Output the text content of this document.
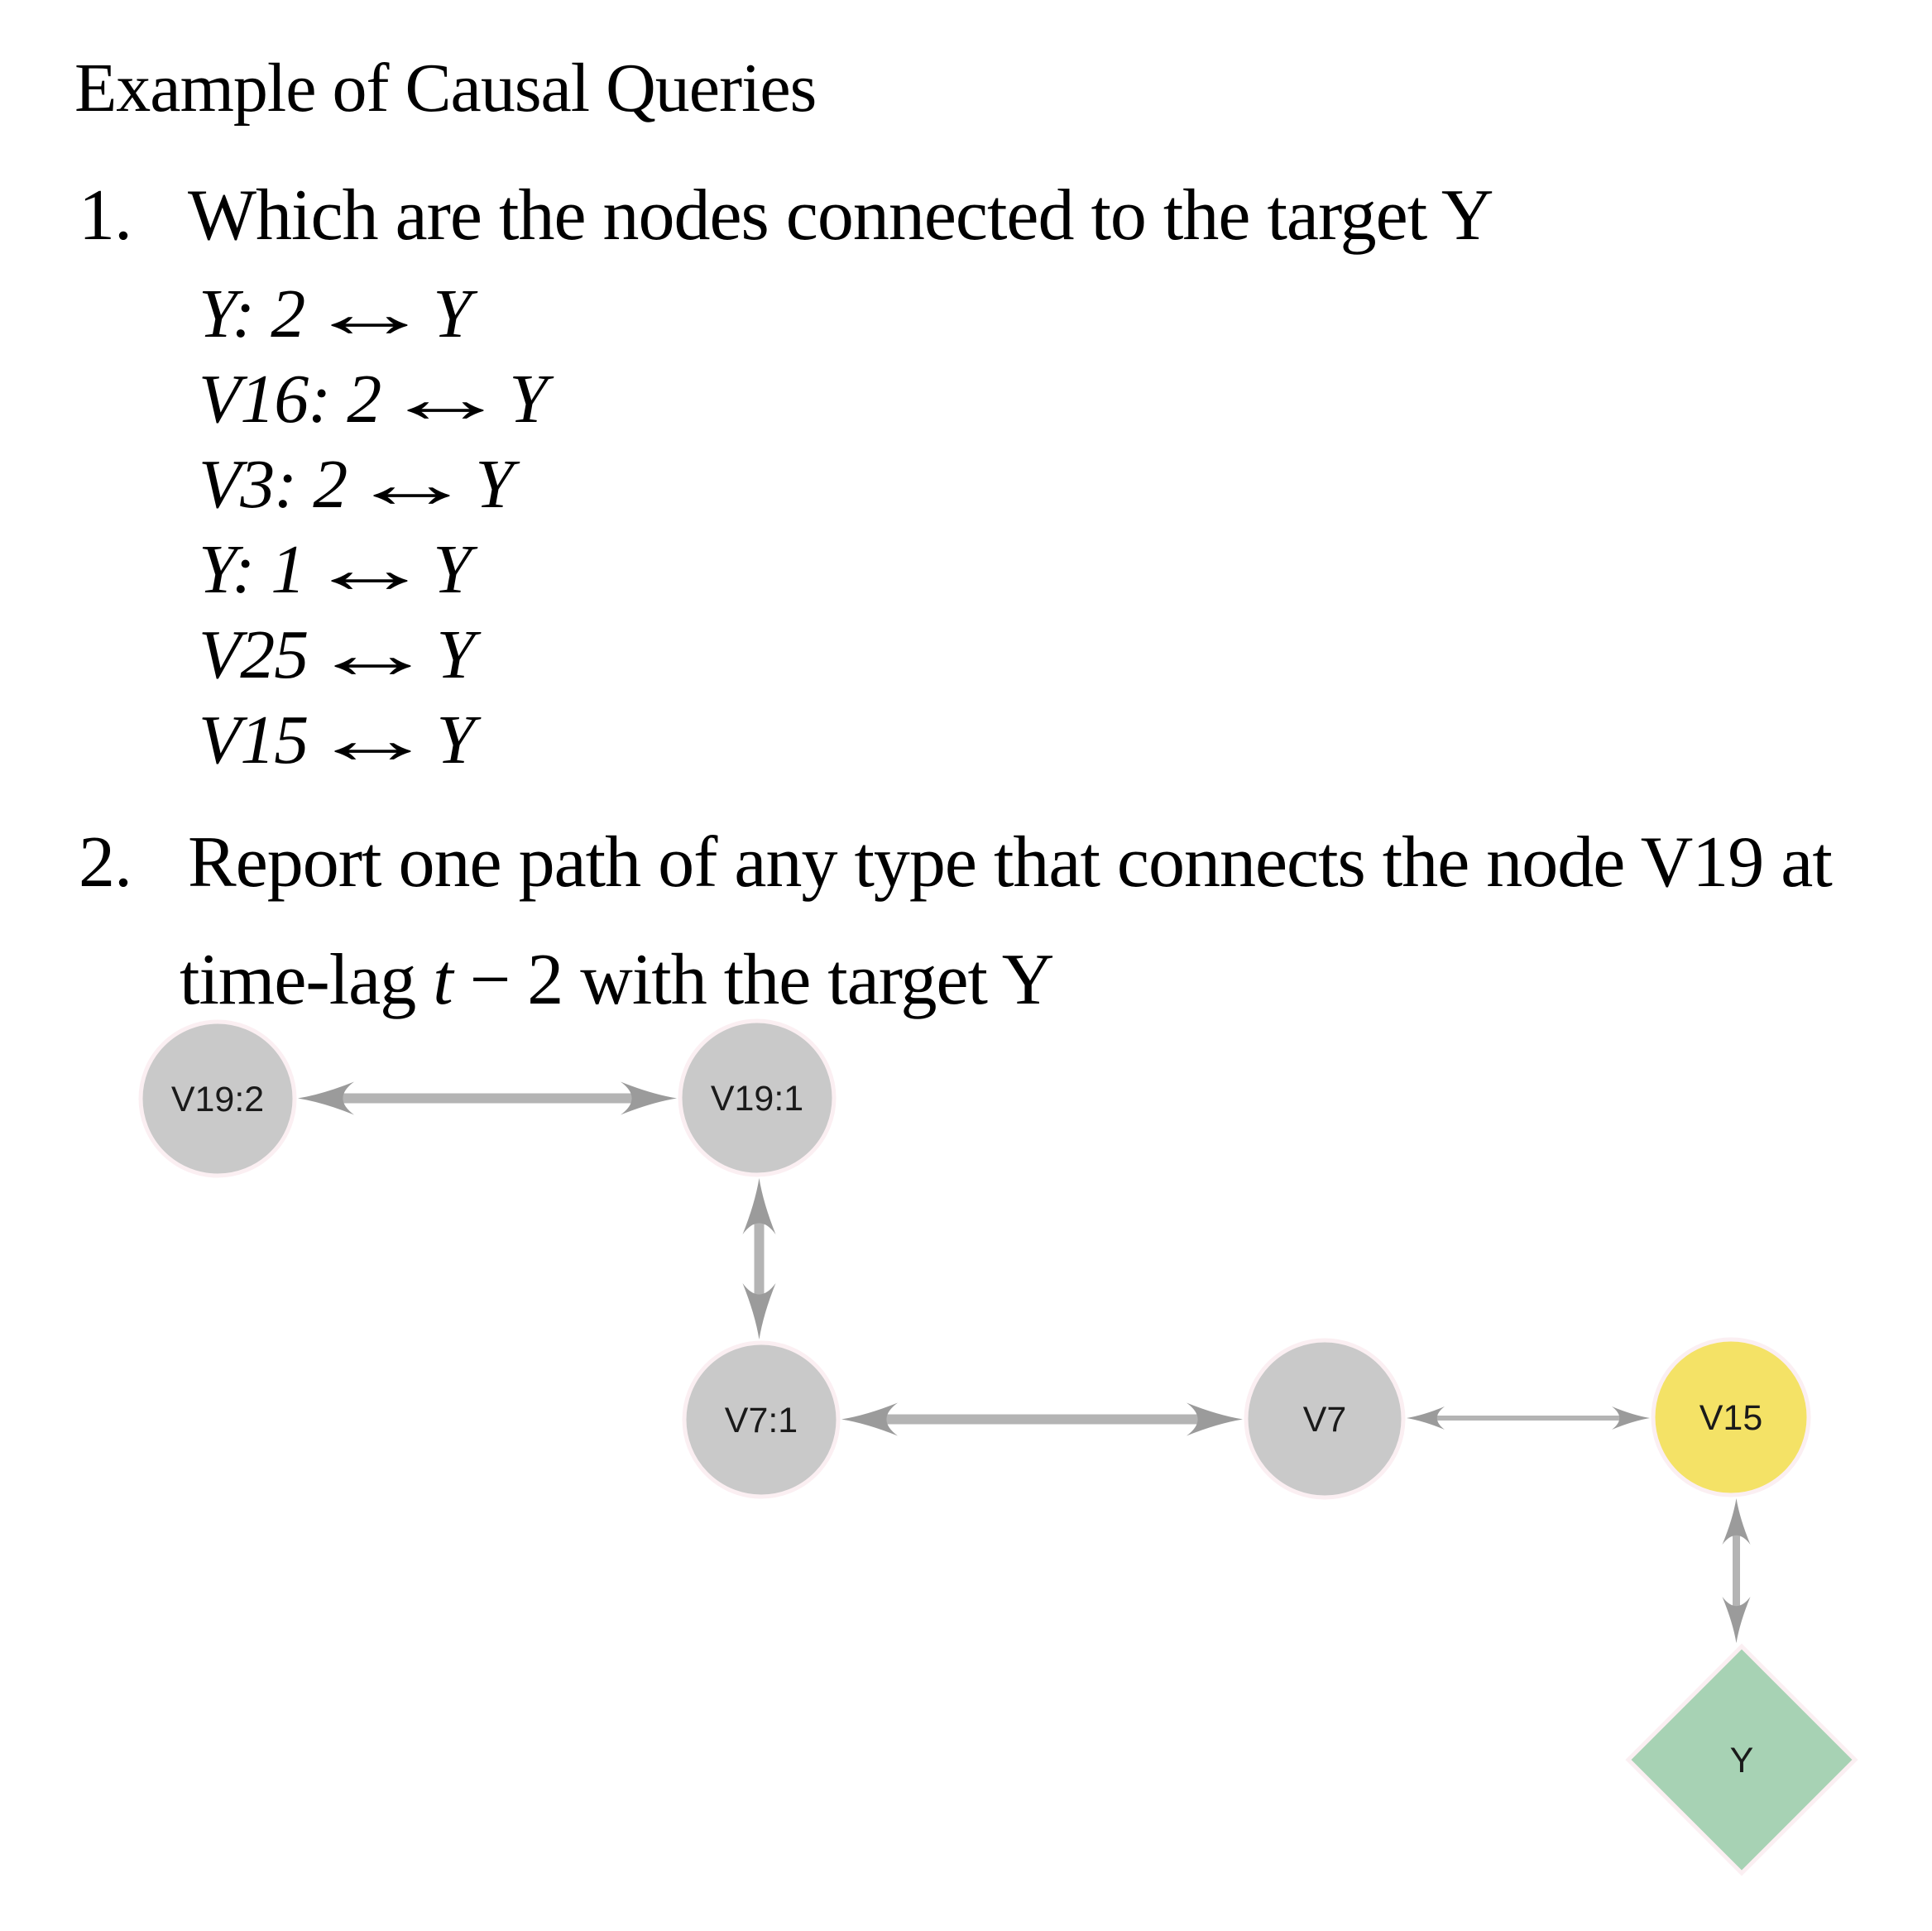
Example of Causal Queries
1. Which are the nodes connected to the target Y
Y: 2↔Y
V16: 2↔Y
V3: 2↔Y
Y: 1↔Y
V25↔Y
V15↔Y
2. Report one path of any type that connects the node V19 at
time-lag t − 2 with the target Y
V19:2	V19:1
V7:1	V7	V15
Y
